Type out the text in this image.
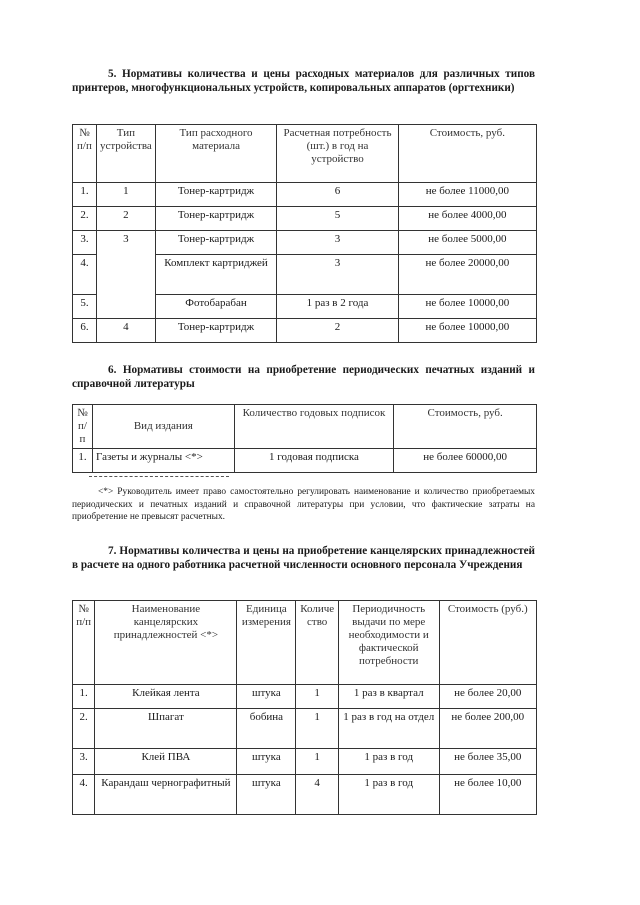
5. Нормативы количества и цены расходных материалов для различных типов принтеров, многофункциональных устройств, копировальных аппаратов (оргтехники)
№ п/п	Тип устройства	Тип расходного материала	Расчетная потребность (шт.) в год на устройство	Стоимость, руб.
1.	1	Тонер-картридж	6	не более 11000,00
2.	2	Тонер-картридж	5	не более 4000,00
3.	3	Тонер-картридж	3	не более 5000,00
4.		Комплект картриджей	3	не более 20000,00
5.		Фотобарабан	1 раз в 2 года	не более 10000,00
6.	4	Тонер-картридж	2	не более 10000,00
6. Нормативы стоимости на приобретение периодических печатных изданий и справочной литературы
№ п/п	Вид издания	Количество годовых подписок	Стоимость, руб.
1.	Газеты и журналы <*>	1 годовая подписка	не более 60000,00
<*> Руководитель имеет право самостоятельно регулировать наименование и количество приобретаемых периодических и печатных изданий и справочной литературы при условии, что фактические затраты на приобретение не превысят расчетных.
7. Нормативы количества и цены на приобретение канцелярских принадлежностей в расчете на одного работника расчетной численности основного персонала Учреждения
№ п/п	Наименование канцелярских принадлежностей <*>	Единица измерения	Количество	Периодичность выдачи по мере необходимости и фактической потребности	Стоимость (руб.)
1.	Клейкая лента	штука	1	1 раз в квартал	не более 20,00
2.	Шпагат	бобина	1	1 раз в год на отдел	не более 200,00
3.	Клей ПВА	штука	1	1 раз в год	не более 35,00
4.	Карандаш чернографитный	штука	4	1 раз в год	не более 10,00
